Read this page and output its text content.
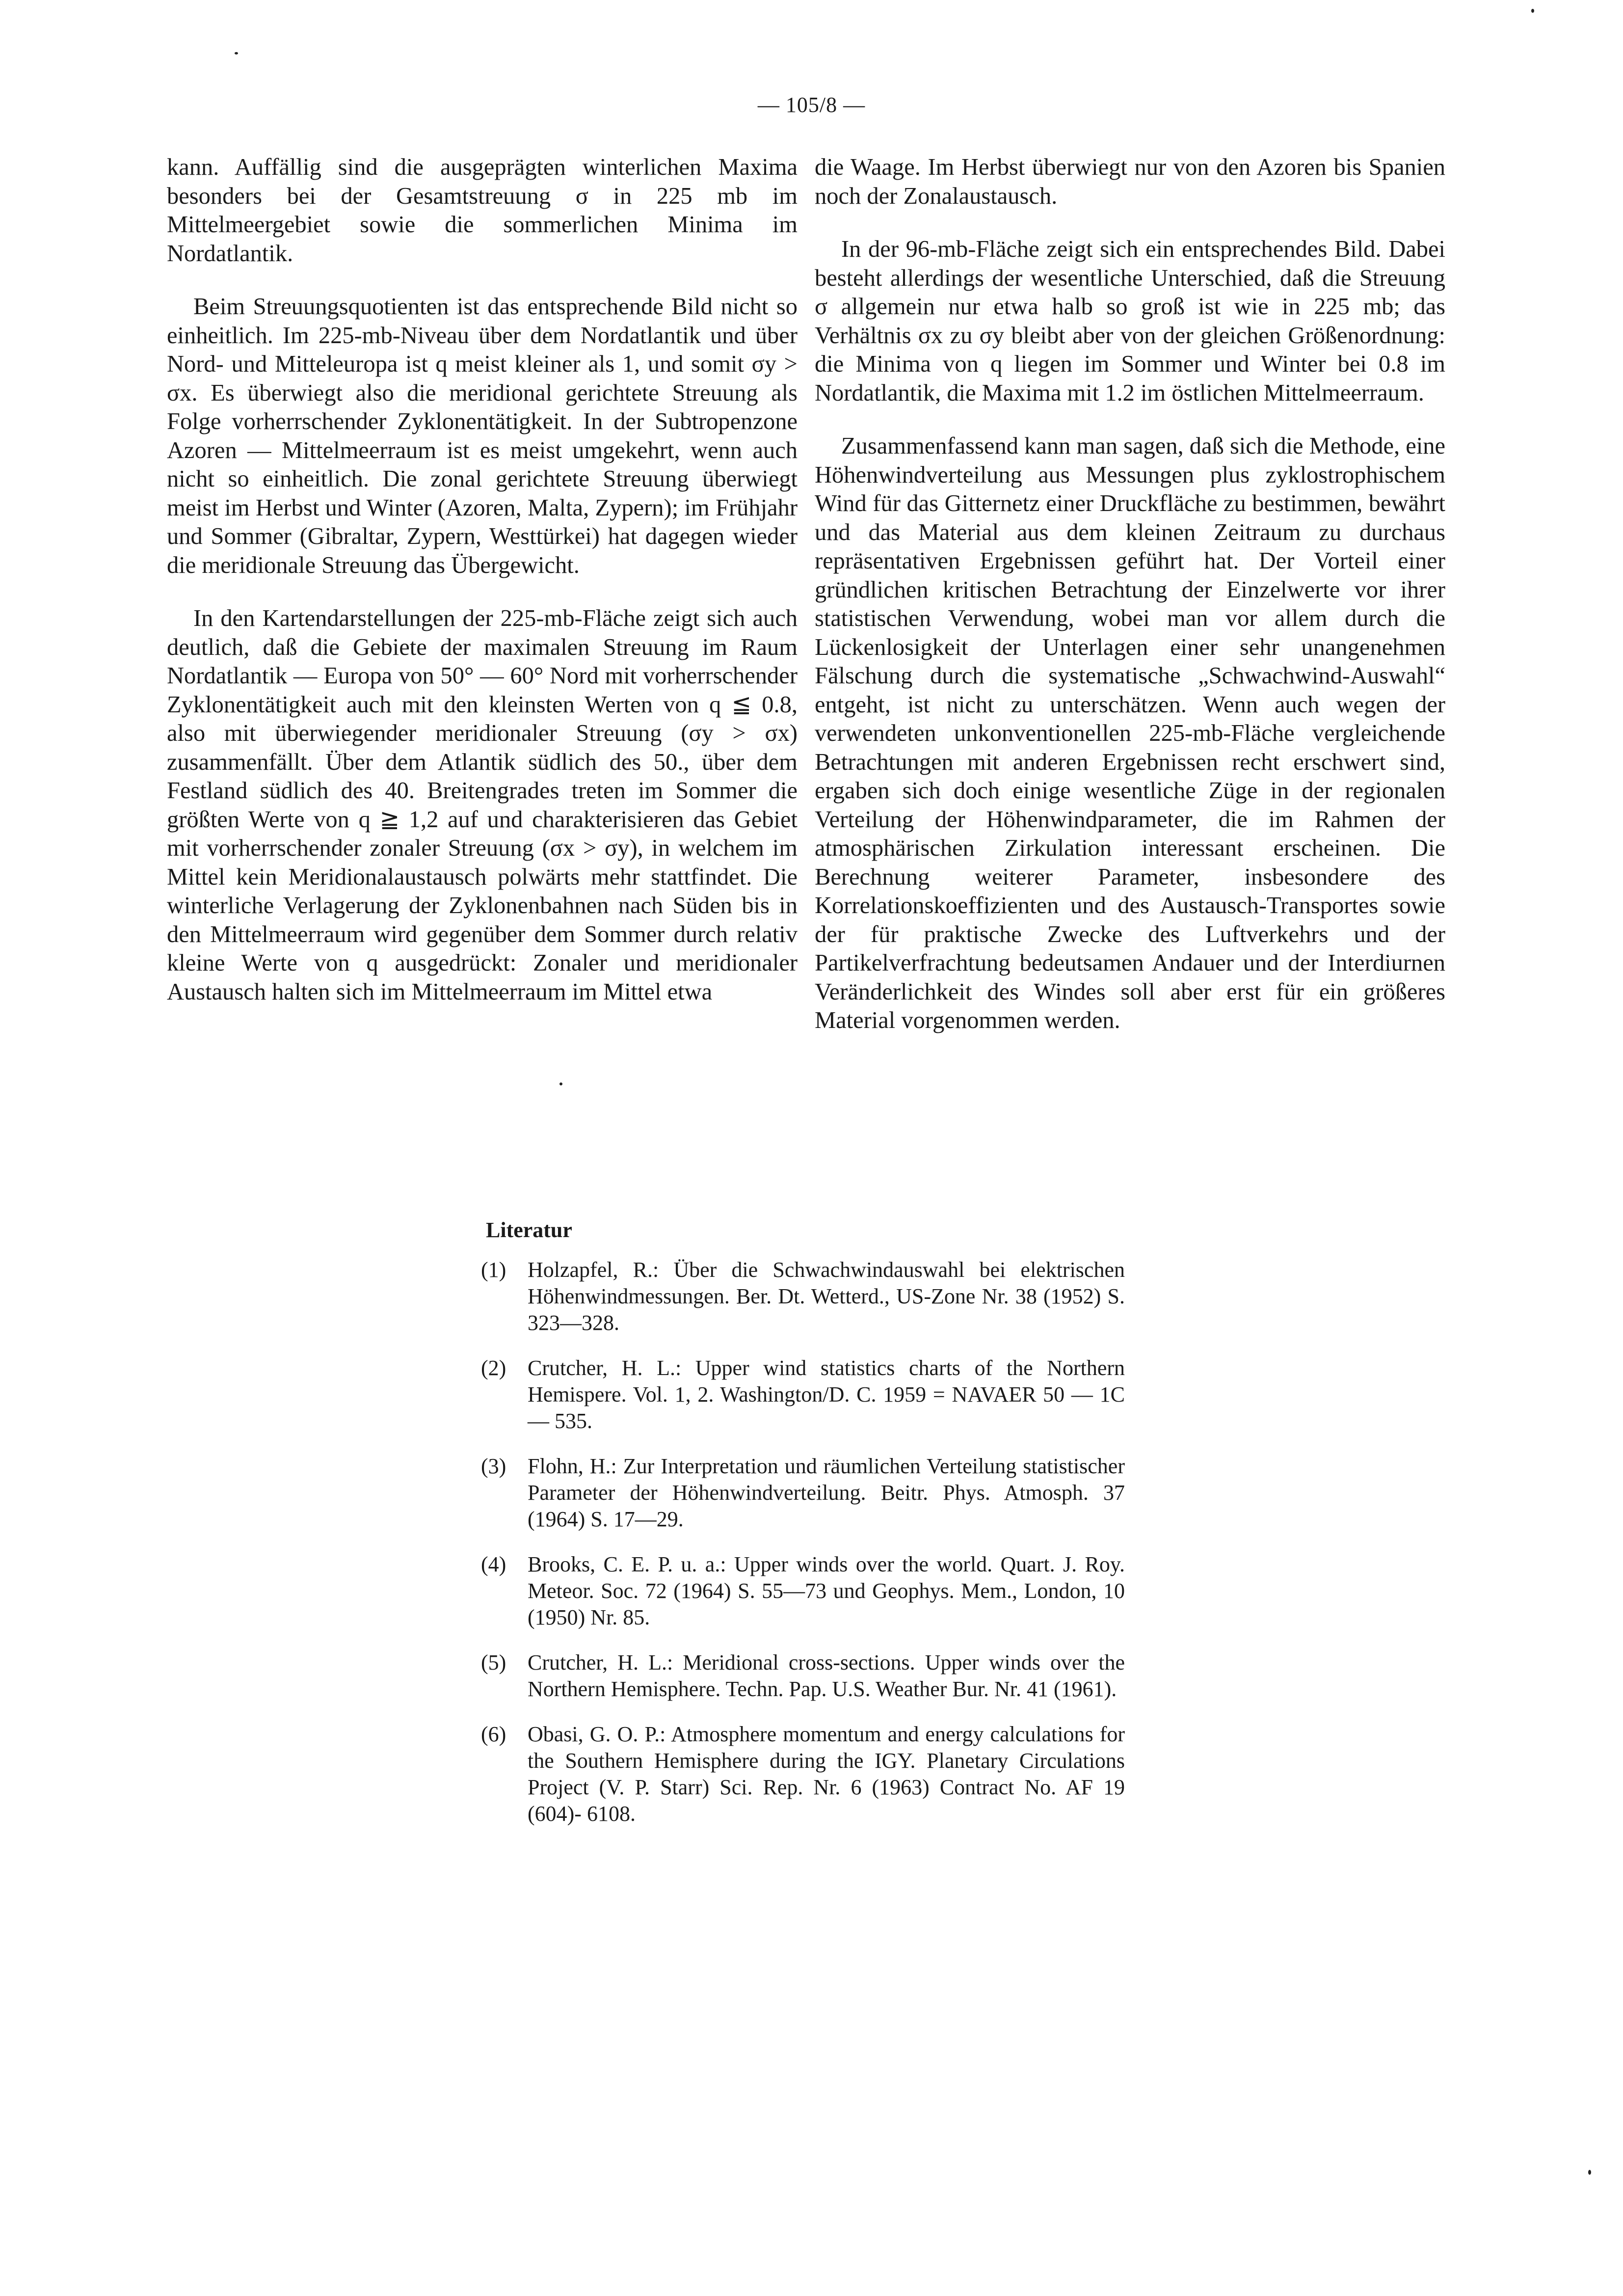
— 105/8 —

kann. Auffällig sind die ausgeprägten winterlichen Maxima besonders bei der Gesamtstreuung σ in 225 mb im Mittelmeergebiet sowie die sommerlichen Minima im Nordatlantik.

Beim Streuungsquotienten ist das entsprechende Bild nicht so einheitlich. Im 225-mb-Niveau über dem Nordatlantik und über Nord- und Mitteleuropa ist q meist kleiner als 1, und somit σy > σx. Es überwiegt also die meridional gerichtete Streuung als Folge vorherrschender Zyklonentätigkeit. In der Subtropenzone Azoren — Mittelmeerraum ist es meist umgekehrt, wenn auch nicht so einheitlich. Die zonal gerichtete Streuung überwiegt meist im Herbst und Winter (Azoren, Malta, Zypern); im Frühjahr und Sommer (Gibraltar, Zypern, Westtürkei) hat dagegen wieder die meridionale Streuung das Übergewicht.

In den Kartendarstellungen der 225-mb-Fläche zeigt sich auch deutlich, daß die Gebiete der maximalen Streuung im Raum Nordatlantik — Europa von 50° — 60° Nord mit vorherrschender Zyklonentätigkeit auch mit den kleinsten Werten von q ≦ 0.8, also mit überwiegender meridionaler Streuung (σy > σx) zusammenfällt. Über dem Atlantik südlich des 50., über dem Festland südlich des 40. Breitengrades treten im Sommer die größten Werte von q ≧ 1,2 auf und charakterisieren das Gebiet mit vorherrschender zonaler Streuung (σx > σy), in welchem im Mittel kein Meridionalaustausch polwärts mehr stattfindet. Die winterliche Verlagerung der Zyklonenbahnen nach Süden bis in den Mittelmeerraum wird gegenüber dem Sommer durch relativ kleine Werte von q ausgedrückt: Zonaler und meridionaler Austausch halten sich im Mittelmeerraum im Mittel etwa

die Waage. Im Herbst überwiegt nur von den Azoren bis Spanien noch der Zonalaustausch.

In der 96-mb-Fläche zeigt sich ein entsprechendes Bild. Dabei besteht allerdings der wesentliche Unterschied, daß die Streuung σ allgemein nur etwa halb so groß ist wie in 225 mb; das Verhältnis σx zu σy bleibt aber von der gleichen Größenordnung: die Minima von q liegen im Sommer und Winter bei 0.8 im Nordatlantik, die Maxima mit 1.2 im östlichen Mittelmeerraum.

Zusammenfassend kann man sagen, daß sich die Methode, eine Höhenwindverteilung aus Messungen plus zyklostrophischem Wind für das Gitternetz einer Druckfläche zu bestimmen, bewährt und das Material aus dem kleinen Zeitraum zu durchaus repräsentativen Ergebnissen geführt hat. Der Vorteil einer gründlichen kritischen Betrachtung der Einzelwerte vor ihrer statistischen Verwendung, wobei man vor allem durch die Lückenlosigkeit der Unterlagen einer sehr unangenehmen Fälschung durch die systematische „Schwachwind-Auswahl“ entgeht, ist nicht zu unterschätzen. Wenn auch wegen der verwendeten unkonventionellen 225-mb-Fläche vergleichende Betrachtungen mit anderen Ergebnissen recht erschwert sind, ergaben sich doch einige wesentliche Züge in der regionalen Verteilung der Höhenwindparameter, die im Rahmen der atmosphärischen Zirkulation interessant erscheinen. Die Berechnung weiterer Parameter, insbesondere des Korrelationskoeffizienten und des Austausch-Transportes sowie der für praktische Zwecke des Luftverkehrs und der Partikelverfrachtung bedeutsamen Andauer und der Interdiurnen Veränderlichkeit des Windes soll aber erst für ein größeres Material vorgenommen werden.

Literatur
(1) Holzapfel, R.: Über die Schwachwindauswahl bei elektrischen Höhenwindmessungen. Ber. Dt. Wetterd., US-Zone Nr. 38 (1952) S. 323—328.
(2) Crutcher, H. L.: Upper wind statistics charts of the Northern Hemispere. Vol. 1, 2. Washington/D. C. 1959 = NAVAER 50 — 1C — 535.
(3) Flohn, H.: Zur Interpretation und räumlichen Verteilung statistischer Parameter der Höhenwindverteilung. Beitr. Phys. Atmosph. 37 (1964) S. 17—29.
(4) Brooks, C. E. P. u. a.: Upper winds over the world. Quart. J. Roy. Meteor. Soc. 72 (1964) S. 55—73 und Geophys. Mem., London, 10 (1950) Nr. 85.
(5) Crutcher, H. L.: Meridional cross-sections. Upper winds over the Northern Hemisphere. Techn. Pap. U.S. Weather Bur. Nr. 41 (1961).
(6) Obasi, G. O. P.: Atmosphere momentum and energy calculations for the Southern Hemisphere during the IGY. Planetary Circulations Project (V. P. Starr) Sci. Rep. Nr. 6 (1963) Contract No. AF 19 (604)- 6108.
